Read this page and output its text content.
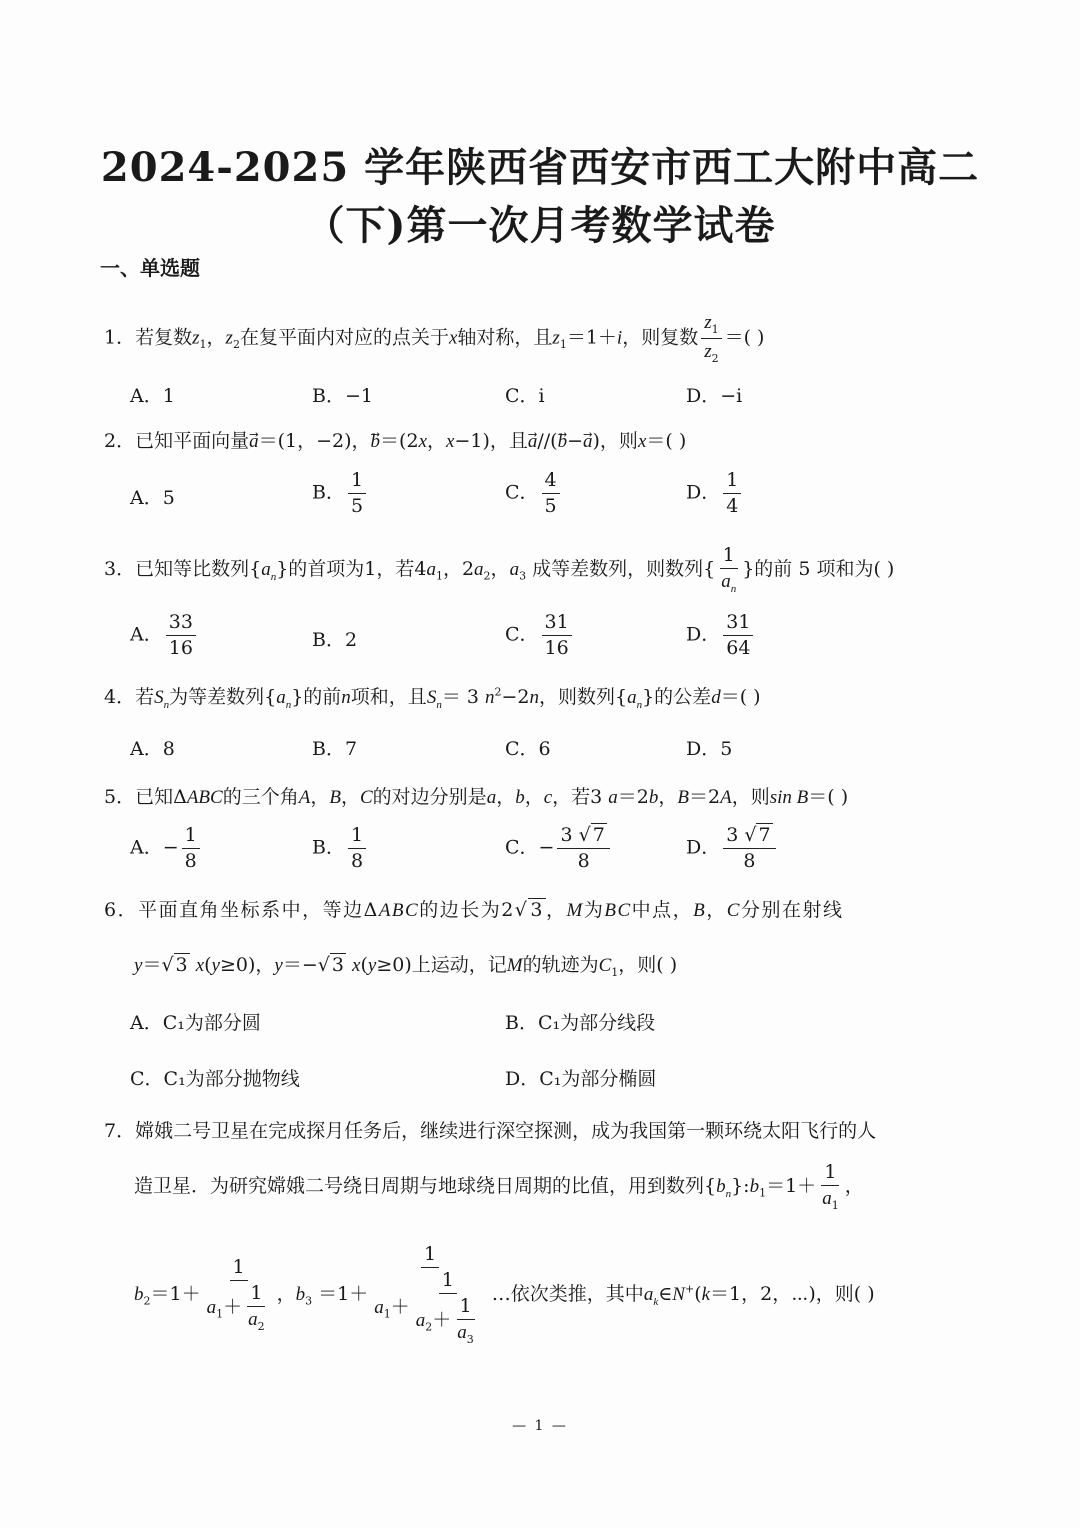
2024-2025 学年陕西省西安市西工大附中高二
（下)第一次月考数学试卷
一、单选题
1．若复数$z_1$，$z_2$在复平面内对应的点关于x轴对称，且$z_1=1+i$，则复数 $\frac{z_1}{z_2}$ ＝( )
A．1	B．−1	C．i	D．−i
2．已知平面向量a⃗＝(1，−2)，b⃗＝(2x，x−1)，且a⃗//(b⃗−a⃗)，则x＝( )
A．5	B． $\frac{1}{5}$	C． $\frac{4}{5}$	D． $\frac{1}{4}$
3．已知等比数列$\{a_n\}$的首项为1，若$4a_1$，$2a_2$，$a_3$ 成等差数列，则数列{ $\frac{1}{a_n}$ }的前 5 项和为( )
A． $\frac{33}{16}$	B．2	C． $\frac{31}{16}$	D． $\frac{31}{64}$
4．若$S_n$为等差数列$\{a_n\}$的前n项和，且$S_n= 3$ $n^2-2n$，则数列$\{a_n\}$的公差d＝( )
A．8	B．7	C．6	D．5
5．已知ΔABC的三个角A，B，C的对边分别是a，b，c，若3 a＝2b，B＝2A，则sin B＝( )
A．− $\frac{1}{8}$	B． $\frac{1}{8}$	C．− $\frac{3 √ 7}{8}$	D． $\frac{3 √ 7}{8}$
6．平面直角坐标系中，等边ΔABC的边长为2√ 3 ，M为BC中点，B，C分别在射线
y＝√ 3 x(y≥0)，y＝−√ 3 x(y≥0)上运动，记M的轨迹为$C_1$，则( )
A．C₁为部分圆	B．C₁为部分线段
C．C₁为部分抛物线	D．C₁为部分椭圆
7．嫦娥二号卫星在完成探月任务后，继续进行深空探测，成为我国第一颗环绕太阳飞行的人
造卫星．为研究嫦娥二号绕日周期与地球绕日周期的比值，用到数列$\{b_n\}:b_1=1+ \frac{1}{a_1}$ ，
$b_2=1+ \frac{1}{a_1+ \frac{1}{a_2}}$ ，$b_3 =1+ \frac{1}{a_1+ \frac{1}{a_2+ \frac{1}{a_3}}}$ …依次类推，其中$a_k\in N^+(k=1$，2，⋯)，则( )
— 1 —
